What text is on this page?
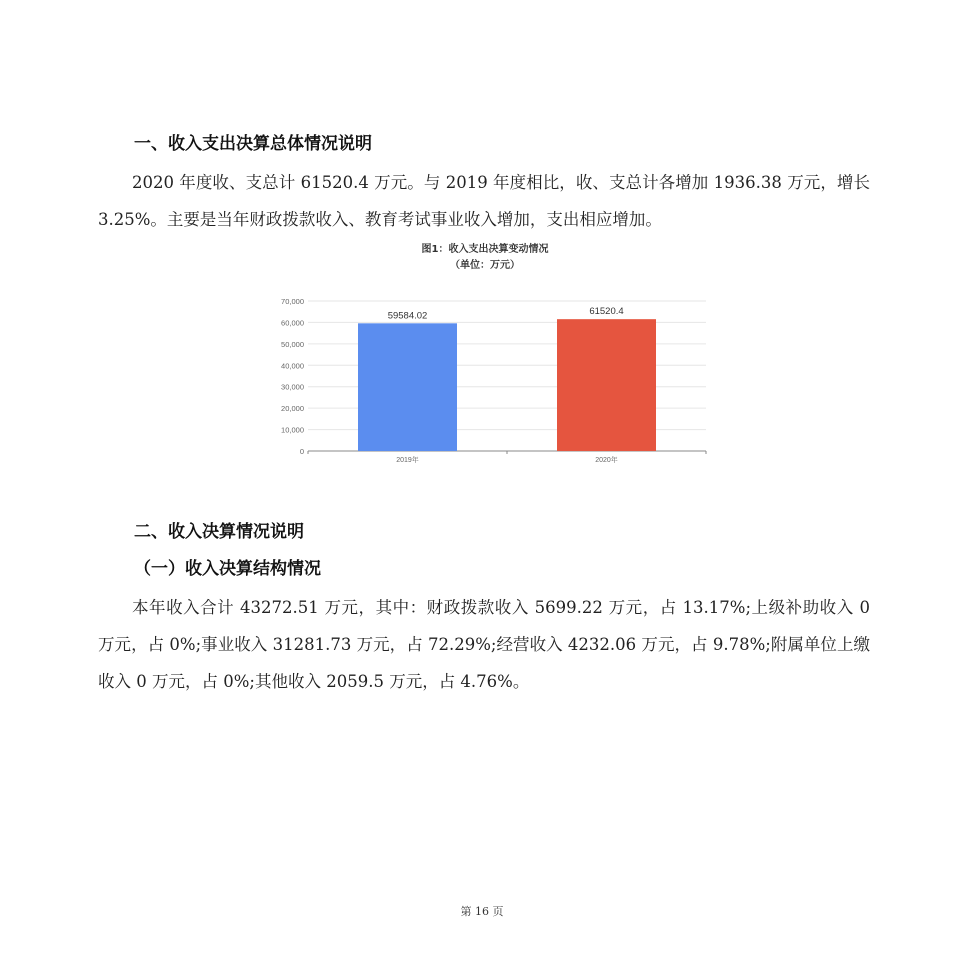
一、收入支出决算总体情况说明

2020 年度收、支总计 61520.4 万元。与 2019 年度相比，收、支总计各增加 1936.38 万元，增长 3.25%。主要是当年财政拨款收入、教育考试事业收入增加，支出相应增加。

图1：收入支出决算变动情况
（单位：万元）
0
10,000
20,000
30,000
40,000
50,000
60,000
70,000
59584.02
2019年
61520.4
2020年
二、收入决算情况说明
（一）收入决算结构情况

本年收入合计 43272.51 万元，其中：财政拨款收入 5699.22 万元，占 13.17%;上级补助收入 0 万元，占 0%;事业收入 31281.73 万元，占 72.29%;经营收入 4232.06 万元，占 9.78%;附属单位上缴收入 0 万元，占 0%;其他收入 2059.5 万元，占 4.76%。

第 16 页
